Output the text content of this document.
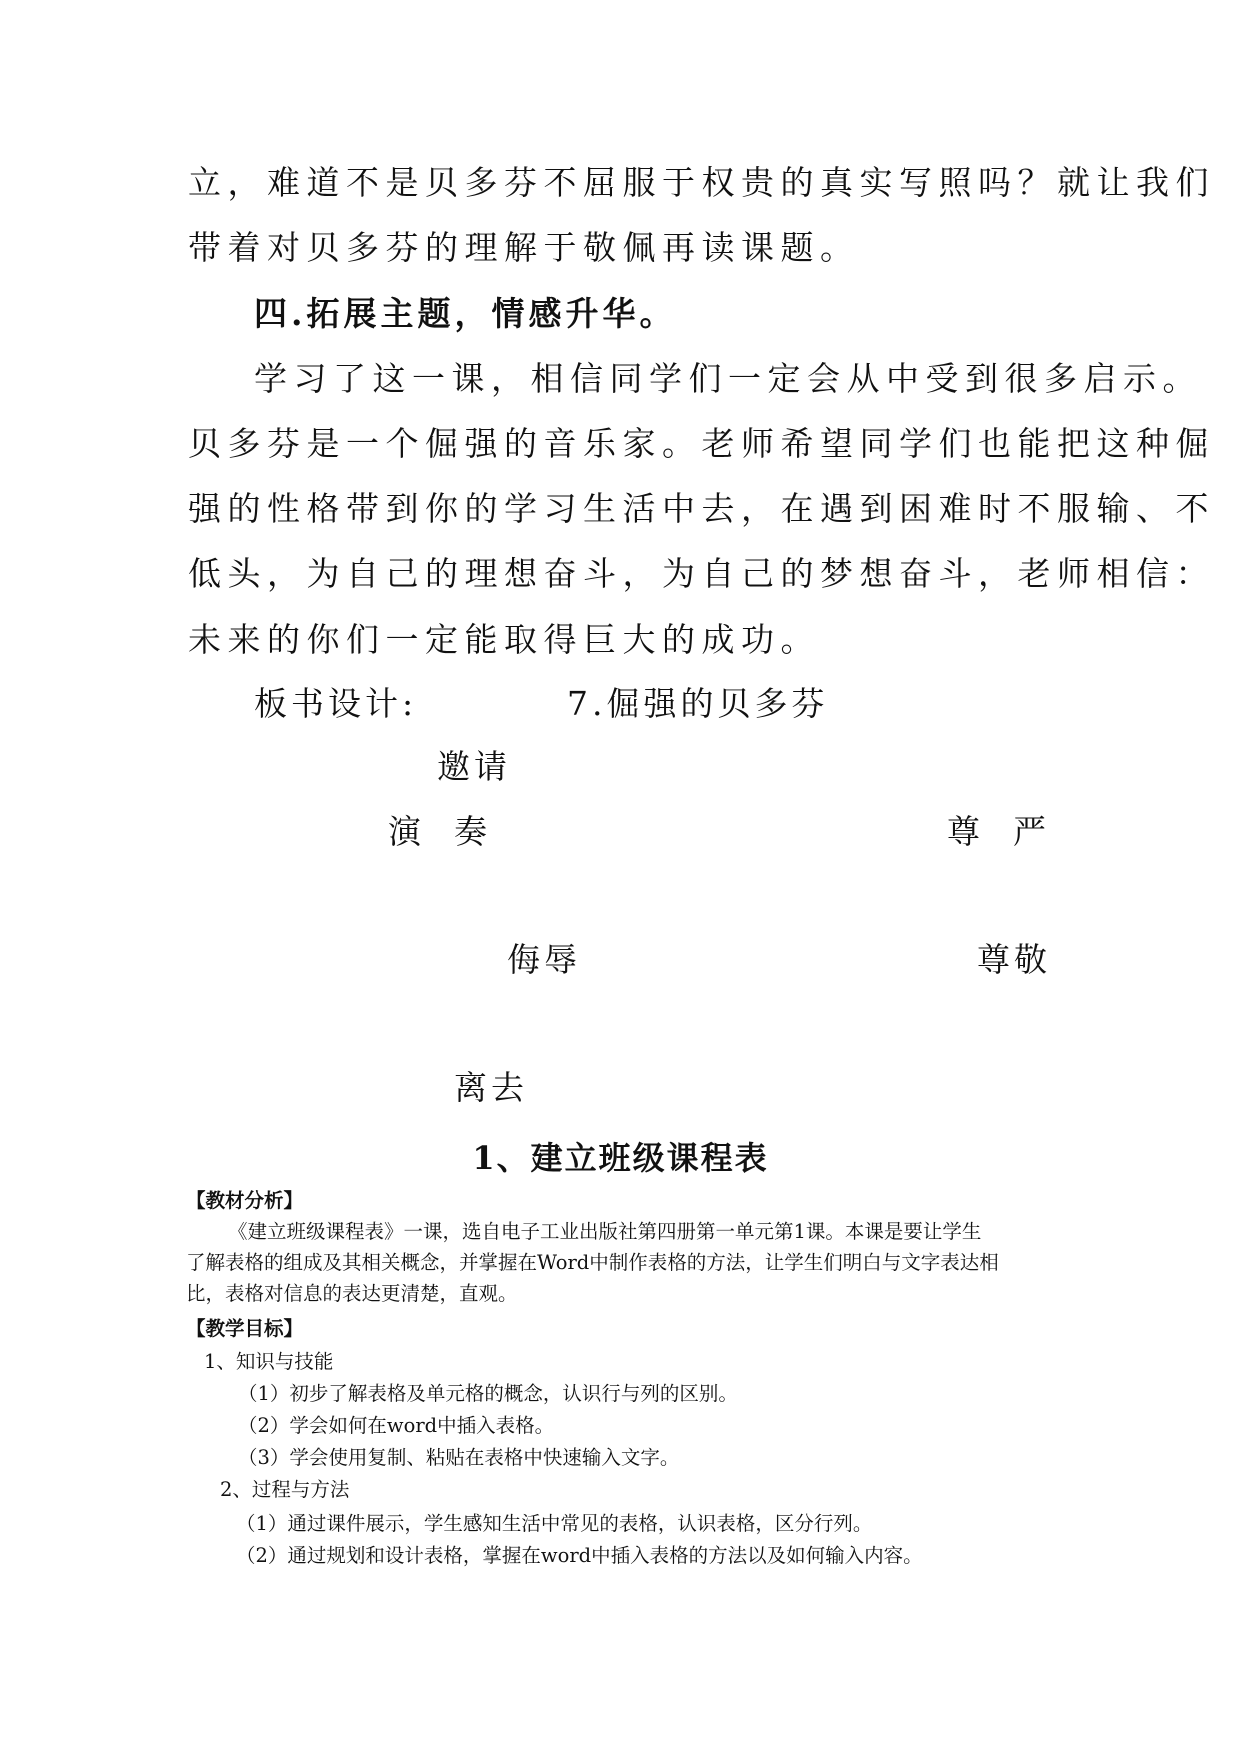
立，难道不是贝多芬不屈服于权贵的真实写照吗？就让我们
带着对贝多芬的理解于敬佩再读课题。
四.拓展主题，情感升华。
学习了这一课，相信同学们一定会从中受到很多启示。
贝多芬是一个倔强的音乐家。老师希望同学们也能把这种倔
强的性格带到你的学习生活中去，在遇到困难时不服输、不
低头，为自己的理想奋斗，为自己的梦想奋斗，老师相信：
未来的你们一定能取得巨大的成功。
板书设计:	7.倔强的贝多芬
邀请
演  奏	尊  严
侮辱	尊敬
离去
1、建立班级课程表
【教材分析】
《建立班级课程表》一课，选自电子工业出版社第四册第一单元第1课。本课是要让学生
了解表格的组成及其相关概念，并掌握在Word中制作表格的方法，让学生们明白与文字表达相
比，表格对信息的表达更清楚，直观。
【教学目标】
1、知识与技能
（1）初步了解表格及单元格的概念，认识行与列的区别。
（2）学会如何在word中插入表格。
（3）学会使用复制、粘贴在表格中快速输入文字。
2、过程与方法
（1）通过课件展示，学生感知生活中常见的表格，认识表格，区分行列。
（2）通过规划和设计表格，掌握在word中插入表格的方法以及如何输入内容。
